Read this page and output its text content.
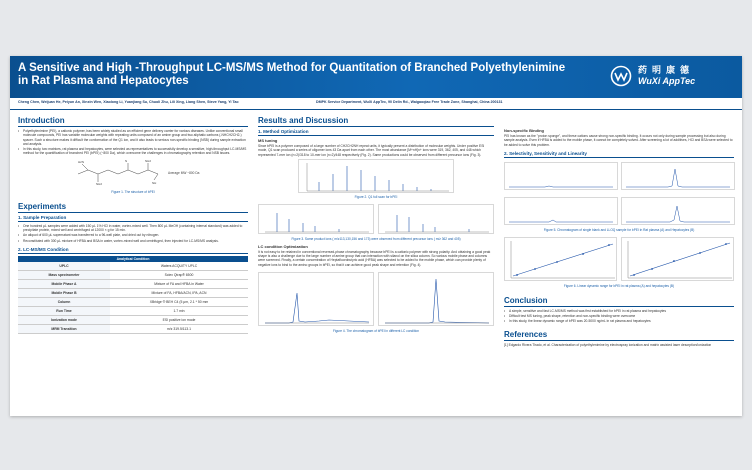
A Sensitive and High -Throughput LC-MS/MS Method for Quantitation of Branched Polyethylenimine in Rat Plasma and Hepatocytes
药明康德
WuXi AppTec
Cheng Chen, Weijuan He, Peiyun An, Xinxin Wen, Xiaolong Li, Yuanjiang Su, Chuoli Zhu, Lili Xing, Liang Shen, Steve Yang, Yi Tao	DMPK Service Department, WuXi AppTec, 90 Delin Rd., Waigaoqiao Free Trade Zone, Shanghai, China 200131
Introduction
• Polyethylenimine (PEI), a cationic polymer, has been widely studied as an efficient gene delivery carrier for various diseases. Unlike conventional small molecule compounds, PEI has variable molecular weights with repeating units composed of an amine group and two aliphatic carbons (-NHCH2CH2-) spacer. Such a structure makes it difficult the conformation of the Q1 ion, and it also leads to serious non-specific binding (NSB) during sample extraction and analysis.
• In this study, two matrices, rat plasma and hepatocytes, were selected as representatives to successfully develop a sensitive, high-throughput LC-MS/MS method for the quantification of branched PEI (bPEI) (~800 Da), which overcome the challenges in chromatography retention and NSB issues.
NH2
N	NH2
H2N
NH
Average MW ~800 Da
Figure 1. The structure of bPEI
Experiments
1. Sample Preparation
• One hundred μL samples were added with 150 μL 1% HCl in water, vortex-mixed well. Then 800 μL MeOH (containing internal standard) was added to precipitate protein, mixed well and centrifuged at 12000 × g for 15 min.
• An aliquot of 600 μL supernatant was transferred to a 96-well plate, and dried out by nitrogen.
• Reconstituted with 300 μL mixture of HFBA and BSA in water, vortex-mixed well and centrifuged, then injected for LC-MS/MS analysis.
2. LC-MS/MS Condition
Analytical Condition	
UPLC	Waters ACQUITY UPLC
Mass spectrometer	Sciex Qtrap® 6500
Mobile Phase A	Mixture of FA and HFBA in Water
Mobile Phase B	Mixture of FA, HFBA/ACN, IPA, ACN
Column	XBridge ® BEH C4 (5 μm, 2.1 * 50 mm
Run Time	1.7 min
Ionization mode	ESI positive ion mode
MRM Transition	m/z 319.5/113.1
Results and Discussion
1. Method Optimization
MS tuning

Since bPEI is a polymer composed of a large number of CH2CH2NH repeat units, it typically present a distribution of molecular weights. Under positive ESI mode, Q1 scan produced a series of oligomer ions 43 Da apart from each other. The most abundance [M+nH]n+ ions were 319, 362, 405, and 448 which represented 7-mer ion (n=2)/318 to 10-mer ion (n=2)/448 respectively (Fig. 2). Same productions could be observed from different precursor ions (Fig. 3).

Figure 2. Q1 full scan for bPEI
Figure 3. Same product ions ( m/z113,130,156 and 173) were observed from different precursor ions ( m/z 362 and 405)
LC condition Optimization

It is not easy to be retained in conventional reversed-phase chromatography because bPEI is a cationic polymer with strong polarity. And obtaining a good peak shape is also a challenge due to the large number of amine group that can interaction with silanol on the silica column. So various mobile phase and columns were screened. Finally, a certain concentration of Heptafluorobutyric acid (HFBA) was selected to be added to the mobile phase, which can provide plenty of negative ions to bind to the amino groups in bPEI, so that it can achieve good peak shape and retention (Fig. 4).

Figure 4. The chromatogram of bPEI in different LC condition
Non-specific Binding

PEI has known as the "proton sponge", and these cations cause strong non-specific binding. It occurs not only during sample processing but also during sample analysis. Even if HFBA is added to the mobile phase, it cannot be completely solved. After screening a lot of additives, HCl and BSA were selected to be added to solve this problem.

2. Selectivity, Sensitivity and Linearity
Figure 5. Chromatogram of single blank and LLOQ sample for bPEI in Rat plasma (A) and Hepatocytes (B)
Figure 6. Linear dynamic range for bPEI in rat plasma (A) and hepatocytes (B)
Conclusion
• A simple, sensitive and fast LC-MS/MS method was first established for bPEI in rat plasma and hepatocytes
• Difficult test MS tuning, peak shape, retention and non-specific binding were overcome
• In this study, the linear dynamic range of bPEI was 20-5000 ng/mL in rat plasma and hepatocytes
References
[1] Edgardo Rivera Tirado, et al. Characterization of polyethylenimine by electrospray ionization and matrix assisted laser desorption/ionization
